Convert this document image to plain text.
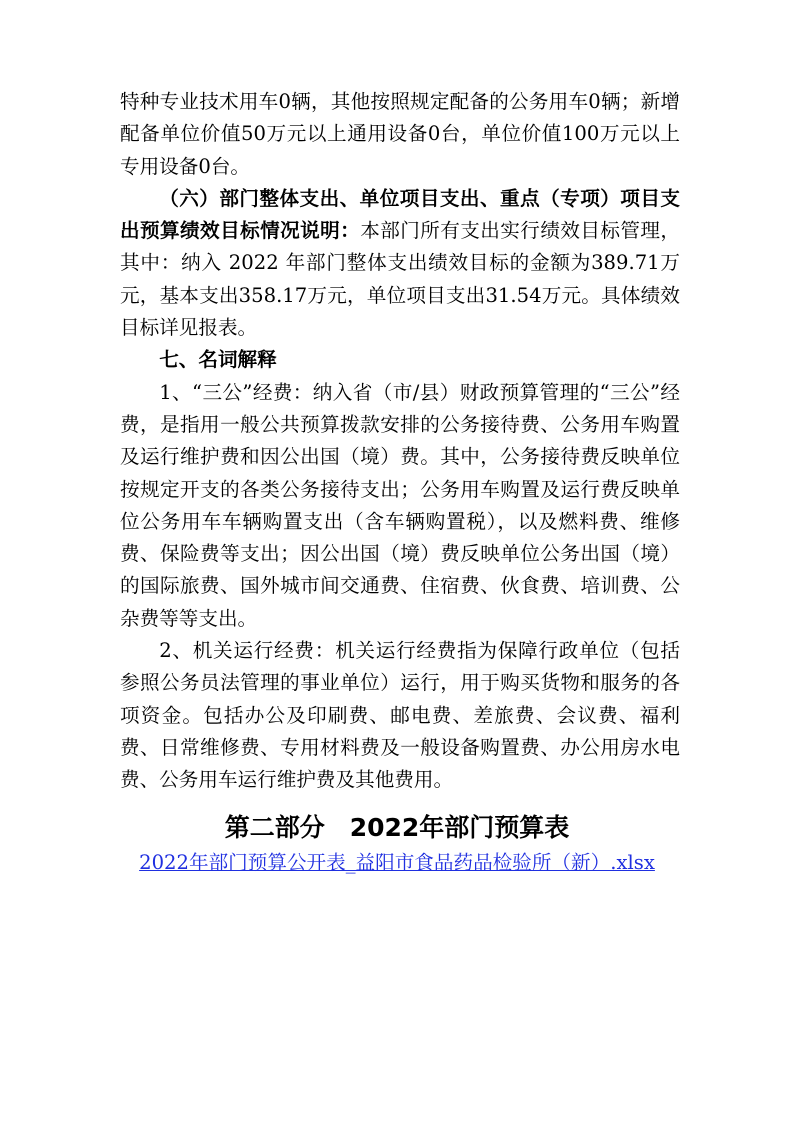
特种专业技术用车0辆，其他按照规定配备的公务用车0辆；新增配备单位价值50万元以上通用设备0台，单位价值100万元以上专用设备0台。

（六）部门整体支出、单位项目支出、重点（专项）项目支出预算绩效目标情况说明：本部门所有支出实行绩效目标管理，其中：纳入 2022 年部门整体支出绩效目标的金额为389.71万元，基本支出358.17万元，单位项目支出31.54万元。具体绩效目标详见报表。

七、名词解释

1、“三公”经费：纳入省（市/县）财政预算管理的“三公”经费，是指用一般公共预算拨款安排的公务接待费、公务用车购置及运行维护费和因公出国（境）费。其中，公务接待费反映单位按规定开支的各类公务接待支出；公务用车购置及运行费反映单位公务用车车辆购置支出（含车辆购置税），以及燃料费、维修费、保险费等支出；因公出国（境）费反映单位公务出国（境）的国际旅费、国外城市间交通费、住宿费、伙食费、培训费、公杂费等等支出。

2、机关运行经费：机关运行经费指为保障行政单位（包括参照公务员法管理的事业单位）运行，用于购买货物和服务的各项资金。包括办公及印刷费、邮电费、差旅费、会议费、福利费、日常维修费、专用材料费及一般设备购置费、办公用房水电费、公务用车运行维护费及其他费用。

第二部分　2022年部门预算表
2022年部门预算公开表_益阳市食品药品检验所（新）.xlsx
